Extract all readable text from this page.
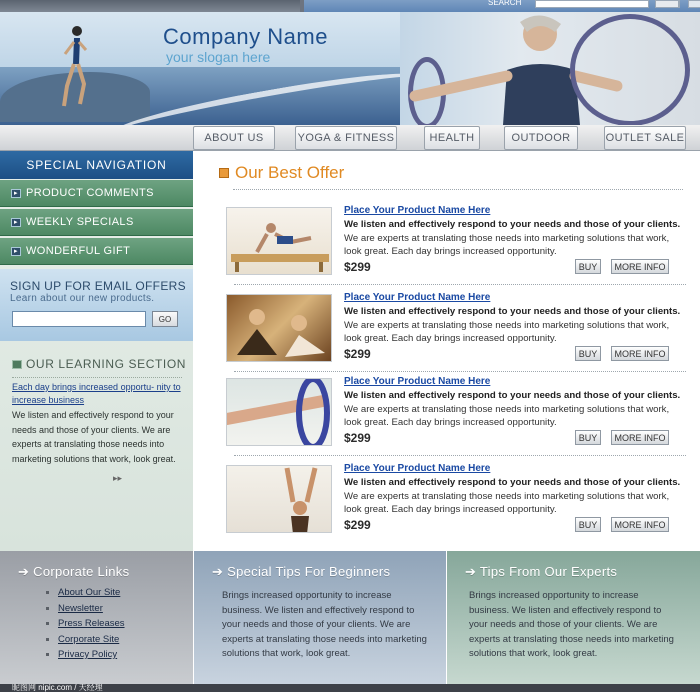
SEARCH
Company Name
your slogan here
ABOUT US	YOGA & FITNESS	HEALTH	OUTDOOR	OUTLET SALE
SPECIAL NAVIGATION
▸ PRODUCT COMMENTS
▸ WEEKLY SPECIALS
▸ WONDERFUL GIFT
SIGN UP FOR EMAIL OFFERS
Learn about our new products.
GO
OUR LEARNING SECTION
Each day brings increased opportu- nity to increase business
We listen and effectively respond to your needs and those of your clients. We are experts at translating those needs into marketing solutions that work, look great.
▸▸
Our Best Offer
Place Your Product Name Here
We listen and effectively respond to your needs and those of your clients. We are experts at translating those needs into marketing solutions that work, look great. Each day brings increased opportunity.
$299	BUY	MORE INFO
Place Your Product Name Here
We listen and effectively respond to your needs and those of your clients. We are experts at translating those needs into marketing solutions that work, look great. Each day brings increased opportunity.
$299	BUY	MORE INFO
Place Your Product Name Here
We listen and effectively respond to your needs and those of your clients. We are experts at translating those needs into marketing solutions that work, look great. Each day brings increased opportunity.
$299	BUY	MORE INFO
Place Your Product Name Here
We listen and effectively respond to your needs and those of your clients. We are experts at translating those needs into marketing solutions that work, look great. Each day brings increased opportunity.
$299	BUY	MORE INFO
➔ Corporate Links
About Our Site
Newsletter
Press Releases
Corporate Site
Privacy Policy
➔ Special Tips For Beginners
Brings increased opportunity to increase business. We listen and effectively respond to your needs and those of your clients. We are experts at translating those needs into marketing solutions that work, look great.
➔ Tips From Our Experts
Brings increased opportunity to increase business. We listen and effectively respond to your needs and those of your clients. We are experts at translating those needs into marketing solutions that work, look great.
昵图网 nipic.com / 天经理
